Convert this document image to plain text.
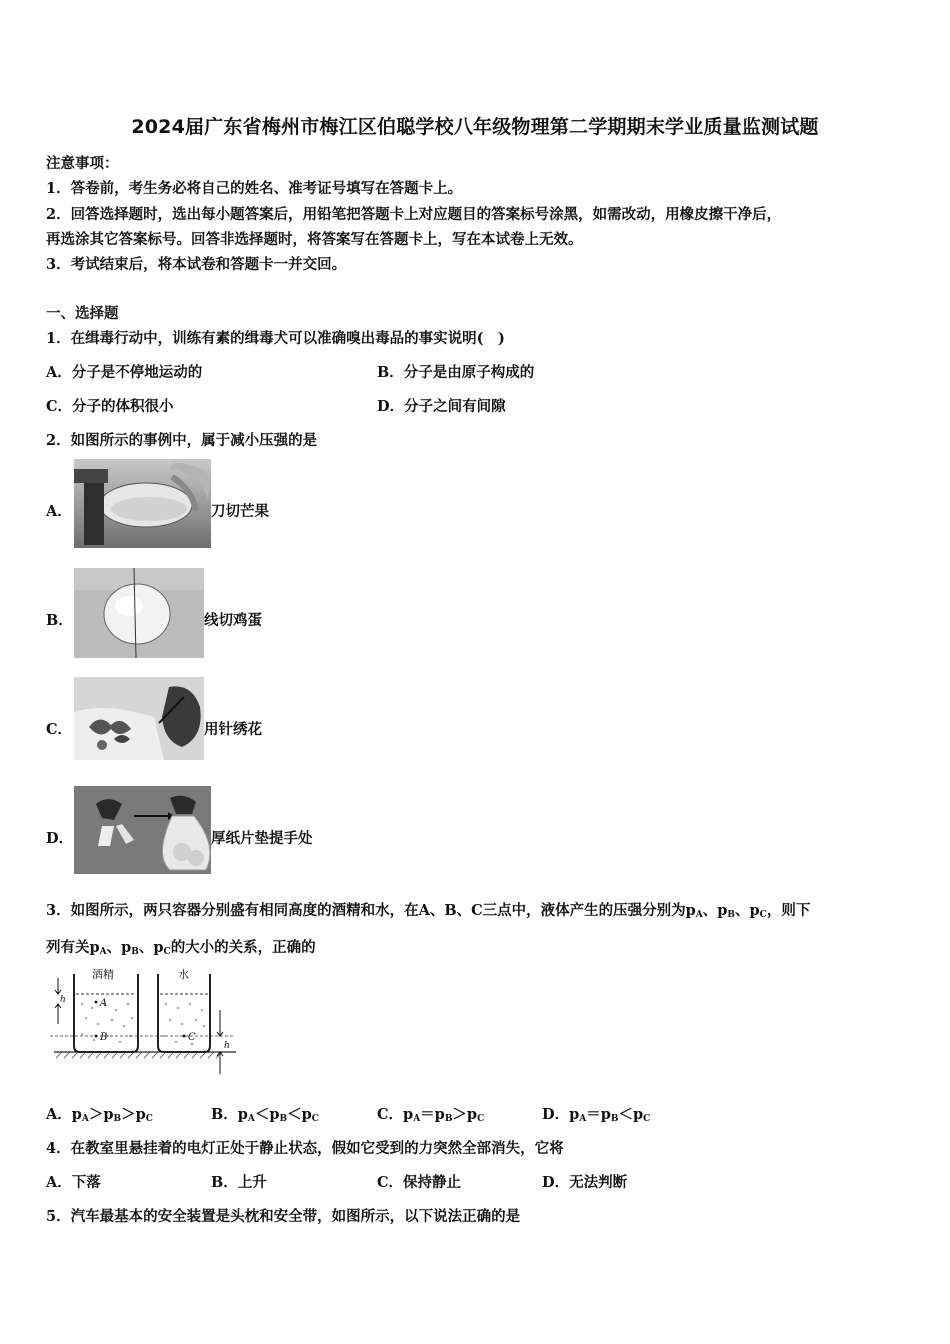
2024届广东省梅州市梅江区伯聪学校八年级物理第二学期期末学业质量监测试题
注意事项：
1．答卷前，考生务必将自己的姓名、准考证号填写在答题卡上。
2．回答选择题时，选出每小题答案后，用铅笔把答题卡上对应题目的答案标号涂黑，如需改动，用橡皮擦干净后，
再选涂其它答案标号。回答非选择题时，将答案写在答题卡上，写在本试卷上无效。
3．考试结束后，将本试卷和答题卡一并交回。
一、选择题
1．在缉毒行动中，训练有素的缉毒犬可以准确嗅出毒品的事实说明(　)
A．分子是不停地运动的	B．分子是由原子构成的
C．分子的体积很小	D．分子之间有间隙
2．如图所示的事例中，属于减小压强的是
A．	刀切芒果
B．	线切鸡蛋
C．	用针绣花
D．	厚纸片垫提手处
3．如图所示，两只容器分别盛有相同高度的酒精和水，在A、B、C三点中，液体产生的压强分别为$p_A$、$p_B$、$p_C$，则下
列有关$p_A$、$p_B$、$p_C$的大小的关系，正确的
酒精
A
B
水
C
h
h
A．$p_A>p_B>p_C$	B．$p_A<p_B<p_C$	C．$p_A=p_B>p_C$	D．$p_A=p_B<p_C$
4．在教室里悬挂着的电灯正处于静止状态，假如它受到的力突然全部消失，它将
A．下落	B．上升	C．保持静止	D．无法判断
5．汽车最基本的安全装置是头枕和安全带，如图所示，以下说法正确的是
